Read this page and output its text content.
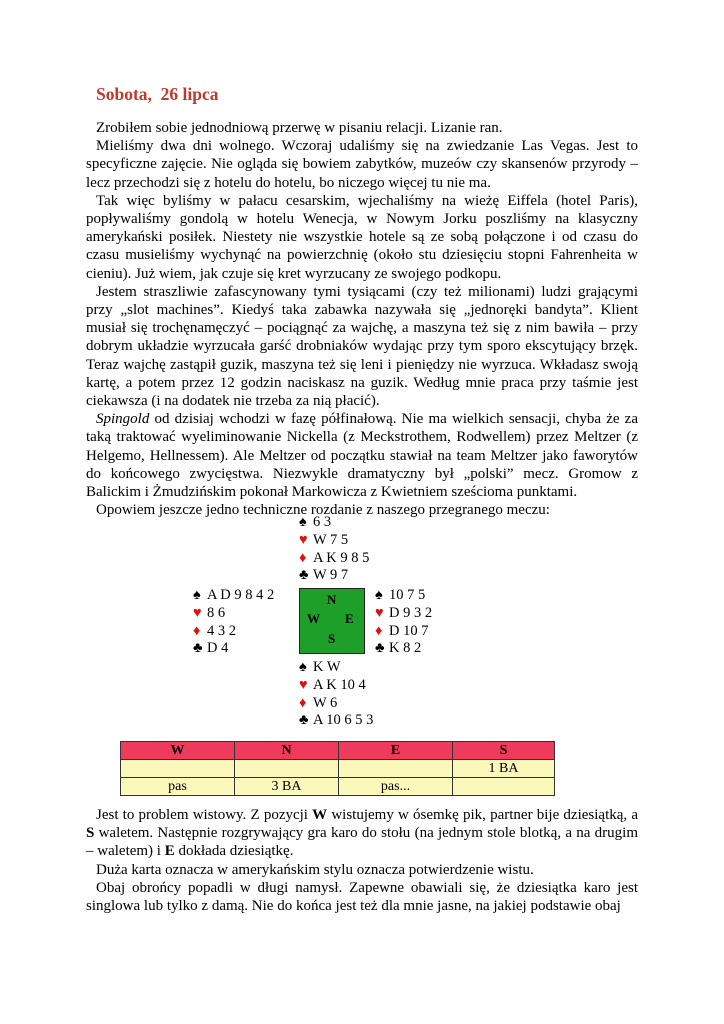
Sobota,  26 lipca

Zrobiłem sobie jednodniową przerwę w pisaniu relacji. Lizanie ran.

Mieliśmy dwa dni wolnego. Wczoraj udaliśmy się na zwiedzanie Las Vegas. Jest to specyficzne zajęcie. Nie ogląda się bowiem zabytków, muzeów czy skansenów przyrody – lecz przechodzi się z hotelu do hotelu, bo niczego więcej tu nie ma.

Tak więc byliśmy w pałacu cesarskim, wjechaliśmy na wieżę Eiffela (hotel Paris), popływaliśmy gondolą w hotelu Wenecja, w Nowym Jorku poszliśmy na klasyczny amerykański posiłek. Niestety nie wszystkie hotele są ze sobą połączone i od czasu do czasu musieliśmy wychynąć na powierzchnię (około stu dziesięciu stopni Fahrenheita w cieniu). Już wiem, jak czuje się kret wyrzucany ze swojego podkopu.

Jestem straszliwie zafascynowany tymi tysiącami (czy też milionami) ludzi grającymi przy „slot machines”. Kiedyś taka zabawka nazywała się „jednoręki bandyta”. Klient musiał się trochęnamęczyć – pociągnąć za wajchę, a maszyna też się z nim bawiła – przy dobrym układzie wyrzucała garść drobniaków wydając przy tym sporo ekscytujący brzęk. Teraz wajchę zastąpił guzik, maszyna też się leni i pieniędzy nie wyrzuca. Wkładasz swoją kartę, a potem przez 12 godzin naciskasz na guzik. Według mnie praca przy taśmie jest ciekawsza (i na dodatek nie trzeba za nią płacić).

Spingold od dzisiaj wchodzi w fazę półfinałową. Nie ma wielkich sensacji, chyba że za taką traktować wyeliminowanie Nickella (z Meckstrothem, Rodwellem) przez Meltzer (z Helgemo, Hellnessem). Ale Meltzer od początku stawiał na team Meltzer jako faworytów do końcowego zwycięstwa. Niezwykle dramatyczny był „polski” mecz. Gromow z Balickim i Żmudzińskim pokonał Markowicza z Kwietniem sześcioma punktami.

Opowiem jeszcze jedno techniczne rozdanie z naszego przegranego meczu:

♠ 6 3
♥ W 7 5
♦ A K 9 8 5
♣ W 9 7
♠ A D 9 8 4 2
♥ 8 6
♦ 4 3 2
♣ D 4
N
W E
S
♠ 10 7 5
♥ D 9 3 2
♦ D 10 7
♣ K 8 2
♠ K W
♥ A K 10 4
♦ W 6
♣ A 10 6 5 3
W	N	E	S
			1 BA
pas	3 BA	pas...	

Jest to problem wistowy. Z pozycji W wistujemy w ósemkę pik, partner bije dziesiątką, a S waletem. Następnie rozgrywający gra karo do stołu (na jednym stole blotką, a na drugim – waletem) i E dokłada dziesiątkę.

Duża karta oznacza w amerykańskim stylu oznacza potwierdzenie wistu.

Obaj obrońcy popadli w długi namysł. Zapewne obawiali się, że dziesiątka karo jest singlowa lub tylko z damą. Nie do końca jest też dla mnie jasne, na jakiej podstawie obaj
